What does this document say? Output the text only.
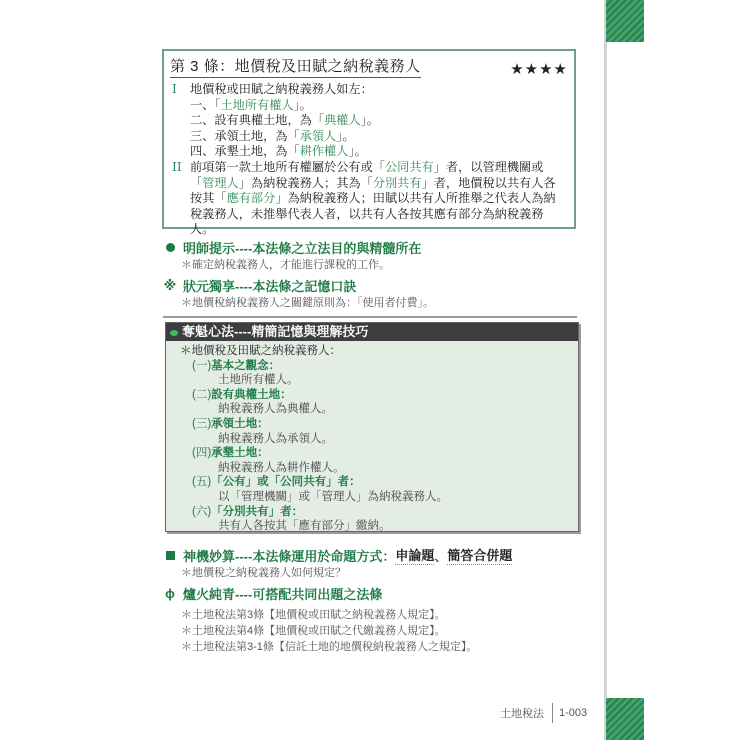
第 3 條：地價稅及田賦之納稅義務人	★★★★
I	地價稅或田賦之納稅義務人如左：
一、「土地所有權人」。
二、設有典權土地，為「典權人」。
三、承領土地，為「承領人」。
四、承墾土地，為「耕作權人」。
II 前項第一款土地所有權屬於公有或「公同共有」者，以管理機關或「管理人」為納稅義務人；其為「分別共有」者，地價稅以共有人各按其「應有部分」為納稅義務人；田賦以共有人所推舉之代表人為納稅義務人，未推舉代表人者，以共有人各按其應有部分為納稅義務人。
明師提示----本法條之立法目的與精髓所在
＊確定納稅義務人，才能進行課稅的工作。
※ 狀元獨享----本法條之記憶口訣
＊地價稅納稅義務人之關鍵原則為：「使用者付費」。
奪魁心法----精簡記憶與理解技巧
＊地價稅及田賦之納稅義務人：
(一)基本之觀念：
土地所有權人。
(二)設有典權土地：
納稅義務人為典權人。
(三)承領土地：
納稅義務人為承領人。
(四)承墾土地：
納稅義務人為耕作權人。
(五)「公有」或「公同共有」者：
以「管理機關」或「管理人」為納稅義務人。
(六)「分別共有」者：
共有人各按其「應有部分」繳納。
神機妙算----本法條運用於命題方式： 申論題 、 簡答合併題
＊地價稅之納稅義務人如何規定？
ϕ 爐火純青----可搭配共同出題之法條
＊土地稅法第3條【地價稅或田賦之納稅義務人規定】。
＊土地稅法第4條【地價稅或田賦之代繳義務人規定】。
＊土地稅法第3-1條【信託土地的地價稅納稅義務人之規定】。
土地稅法 1-003
